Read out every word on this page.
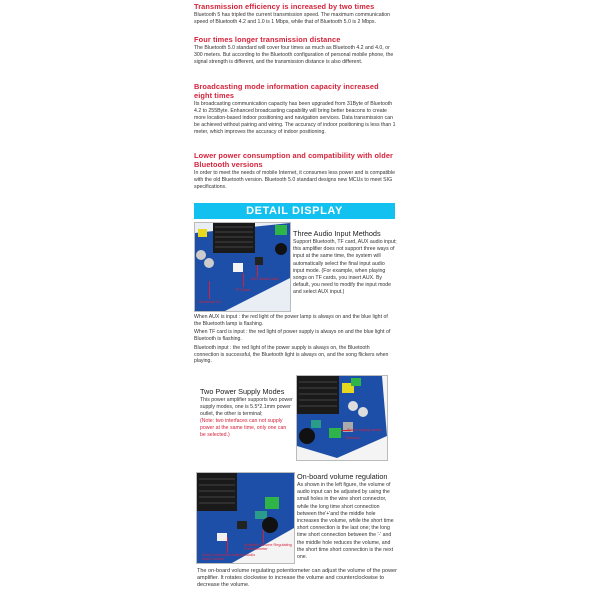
Transmission efficiency is increased by two times

Bluetooth 5 has tripled the current transmission speed. The maximum communication speed of Bluetooth 4.2 and 1.0 is 1 Mbps, while that of Bluetooth 5.0 is 2 Mbps.

Four times longer transmission distance

The Bluetooth 5.0 standard will cover four times as much as Bluetooth 4.2 and 4.0, or 300 meters. But according to the Bluetooth configuration of personal mobile phone, the signal strength is different, and the transmission distance is also different.

Broadcasting mode information capacity increased eight times

Its broadcasting communication capacity has been upgraded from 31Byte of Bluetooth 4.2 to 255Byte. Enhanced broadcasting capability will bring better beacons to create more location-based indoor positioning and navigation services. Data transmission can be achieved without pairing and wiring. The accuracy of indoor positioning is less than 1 meter, which improves the accuracy of indoor positioning.

Lower power consumption and compatibility with older Bluetooth versions

In order to meet the needs of mobile Internet, it consumes less power and is compatible with the old Bluetooth version. Bluetooth 5.0 standard designs new MCUs to meet SIG specifications.

DETAIL DISPLAY
AUX Audio Seat
TF-Slash
Bluetooth 4.0

Three Audio Input Methods

Support Bluetooth, TF card, AUX audio input; this amplifier does not support three ways of input at the same time, the system will automatically select the final input audio input mode. (For example, when playing songs on TF cards, you insert AUX. By default, you need to modify the input mode and select AUX input.)

When AUX is input : the red light of the power lamp is always on and the blue light of the Bluetooth lamp is flashing.

When TF card is input : the red light of power supply is always on and the blue light of Bluetooth is flashing.

Bluetooth input : the red light of the power supply is always on, the Bluetooth connection is successful, the Bluetooth light is always on, and the song flickers when playing.

Two Power Supply Modes

This power amplifier supports two power supply modes, one is 5.5*2.1mm power outlet, the other is terminal;

(Note: two interfaces can not supply power at the same time, only one can be selected.)

Power supply socket
Terminal
Amplifier Volume Regulating Potentiometer
Short Connection Adjusts Audio Input Volume

On-board volume regulation

As shown in the left figure, the volume of audio input can be adjusted by using the small holes in the wire short connector, while the long time short connection between the'+'and the middle hole increases the volume, while the short time short connection is the last one; the long time short connection between the '-' and the middle hole reduces the volume, and the short time short connection is the next one.

The on-board volume regulating potentiometer can adjust the volume of the power amplifier. It rotates clockwise to increase the volume and counterclockwise to decrease the volume.
